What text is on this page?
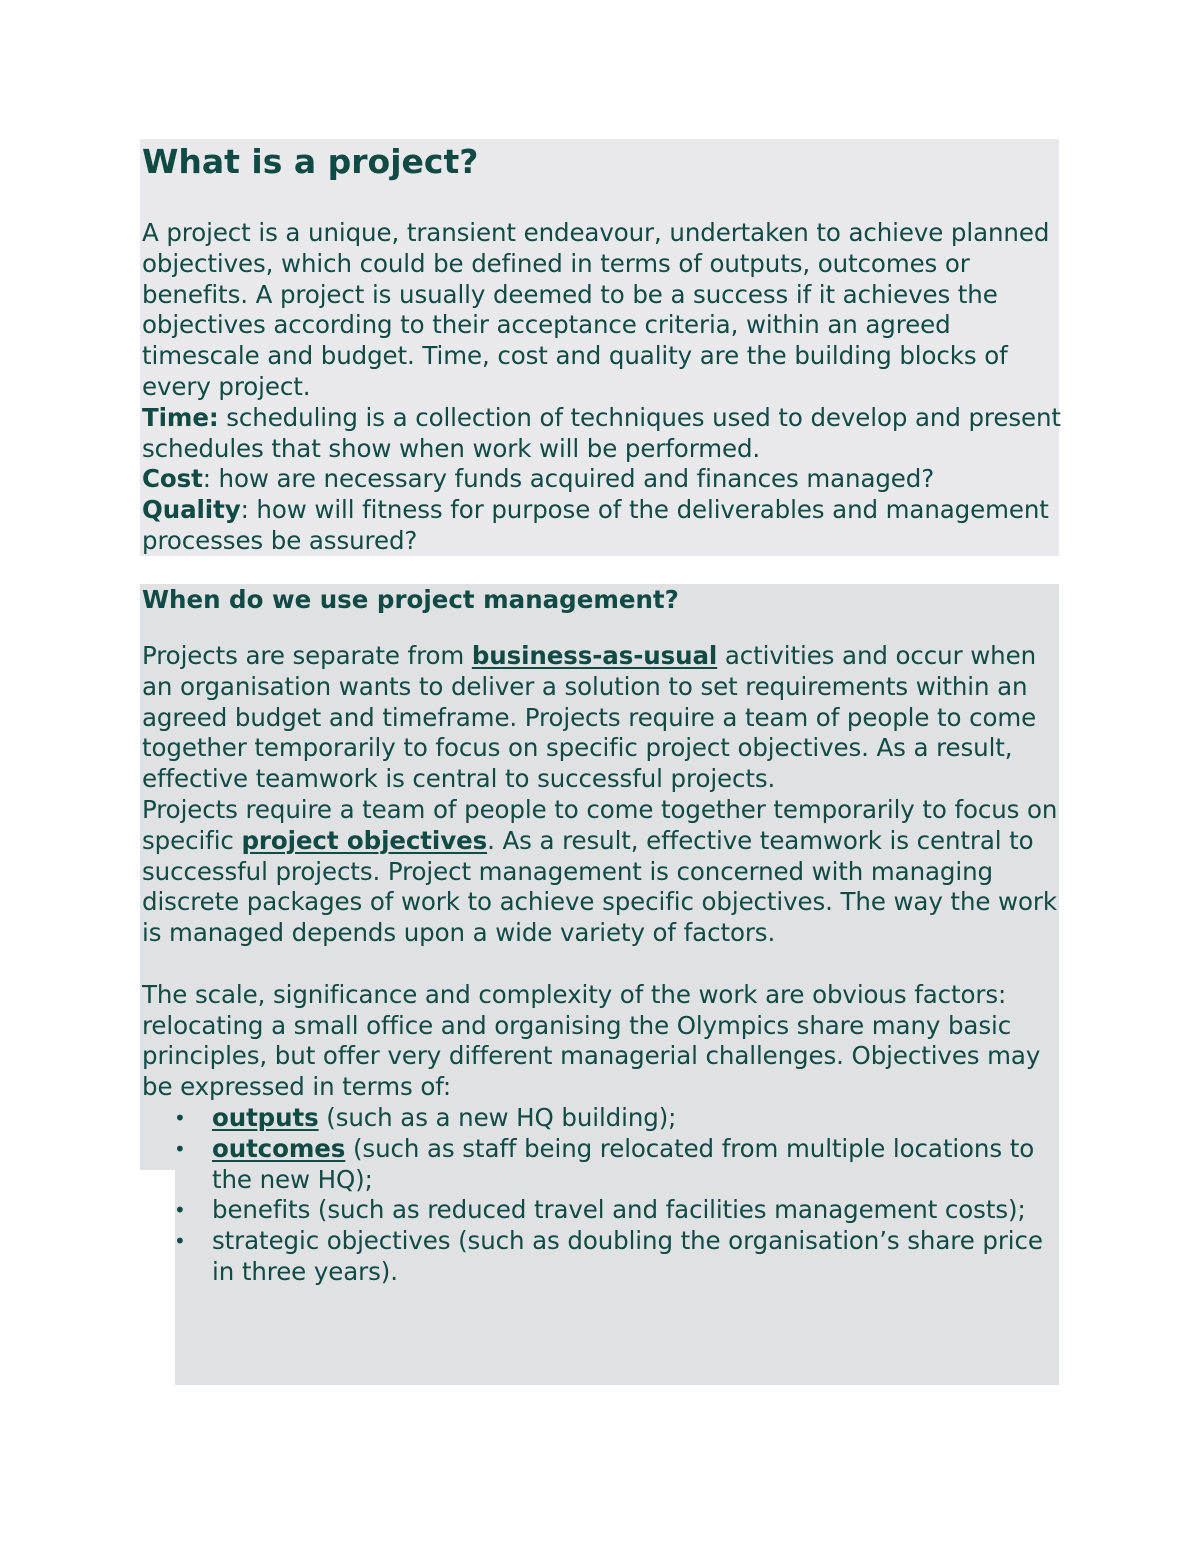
What is a project?

A project is a unique, transient endeavour, undertaken to achieve planned objectives, which could be defined in terms of outputs, outcomes or benefits. A project is usually deemed to be a success if it achieves the objectives according to their acceptance criteria, within an agreed timescale and budget. Time, cost and quality are the building blocks of every project.

Time: scheduling is a collection of techniques used to develop and present schedules that show when work will be performed.

Cost: how are necessary funds acquired and finances managed?

Quality: how will fitness for purpose of the deliverables and management processes be assured?

When do we use project management?

Projects are separate from business-as-usual activities and occur when an organisation wants to deliver a solution to set requirements within an agreed budget and timeframe. Projects require a team of people to come together temporarily to focus on specific project objectives. As a result, effective teamwork is central to successful projects.

Projects require a team of people to come together temporarily to focus on specific project objectives. As a result, effective teamwork is central to successful projects. Project management is concerned with managing discrete packages of work to achieve specific objectives. The way the work is managed depends upon a wide variety of factors.

The scale, significance and complexity of the work are obvious factors: relocating a small office and organising the Olympics share many basic principles, but offer very different managerial challenges. Objectives may be expressed in terms of:

• outputs (such as a new HQ building);
• outcomes (such as staff being relocated from multiple locations to the new HQ);
• benefits (such as reduced travel and facilities management costs);
• strategic objectives (such as doubling the organisation’s share price in three years).
